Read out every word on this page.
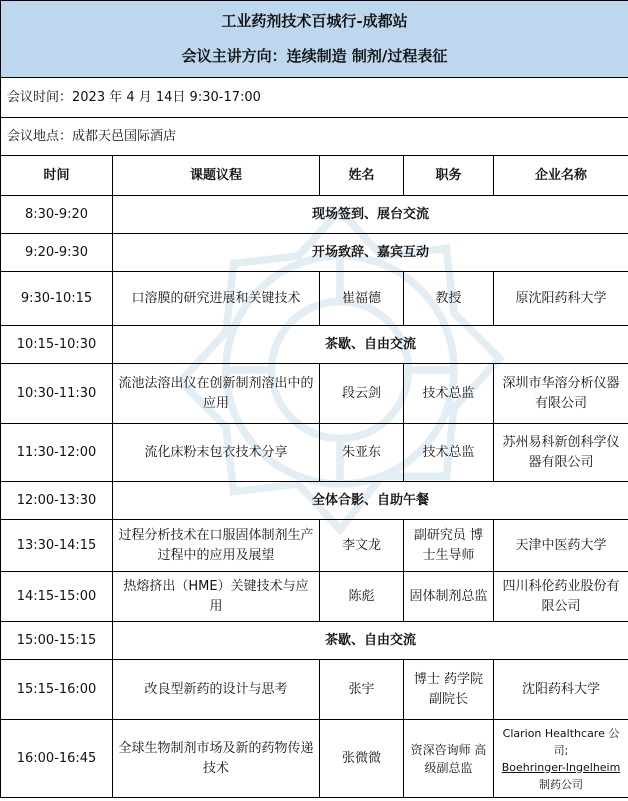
工业药剂技术百城行-成都站
会议主讲方向：连续制造 制剂/过程表征				

会议时间：2023 年 4 月 14日 9:30-17:00				
会议地点：成都天邑国际酒店				
时间	课题议程	姓名	职务	企业名称
8:30-9:20	现场签到、展台交流			
9:20-9:30	开场致辞、嘉宾互动			
9:30-10:15	口溶膜的研究进展和关键技术	崔福德	教授	原沈阳药科大学
10:15-10:30	茶歇、自由交流			
10:30-11:30	流池法溶出仪在创新制剂溶出中的应用	段云剑	技术总监	深圳市华溶分析仪器有限公司
11:30-12:00	流化床粉末包衣技术分享	朱亚东	技术总监	苏州易科新创科学仪器有限公司
12:00-13:30	全体合影、自助午餐			
13:30-14:15	过程分析技术在口服固体制剂生产过程中的应用及展望	李文龙	副研究员 博士生导师	天津中医药大学
14:15-15:00	热熔挤出（HME）关键技术与应用	陈彪	固体制剂总监	四川科伦药业股份有限公司
15:00-15:15	茶歇、自由交流			
15:15-16:00	改良型新药的设计与思考	张宇	博士 药学院副院长	沈阳药科大学
16:00-16:45	全球生物制剂市场及新的药物传递技术	张微微	资深咨询师 高级副总监	Clarion Healthcare 公司;
Boehringer-Ingelheim
制药公司
